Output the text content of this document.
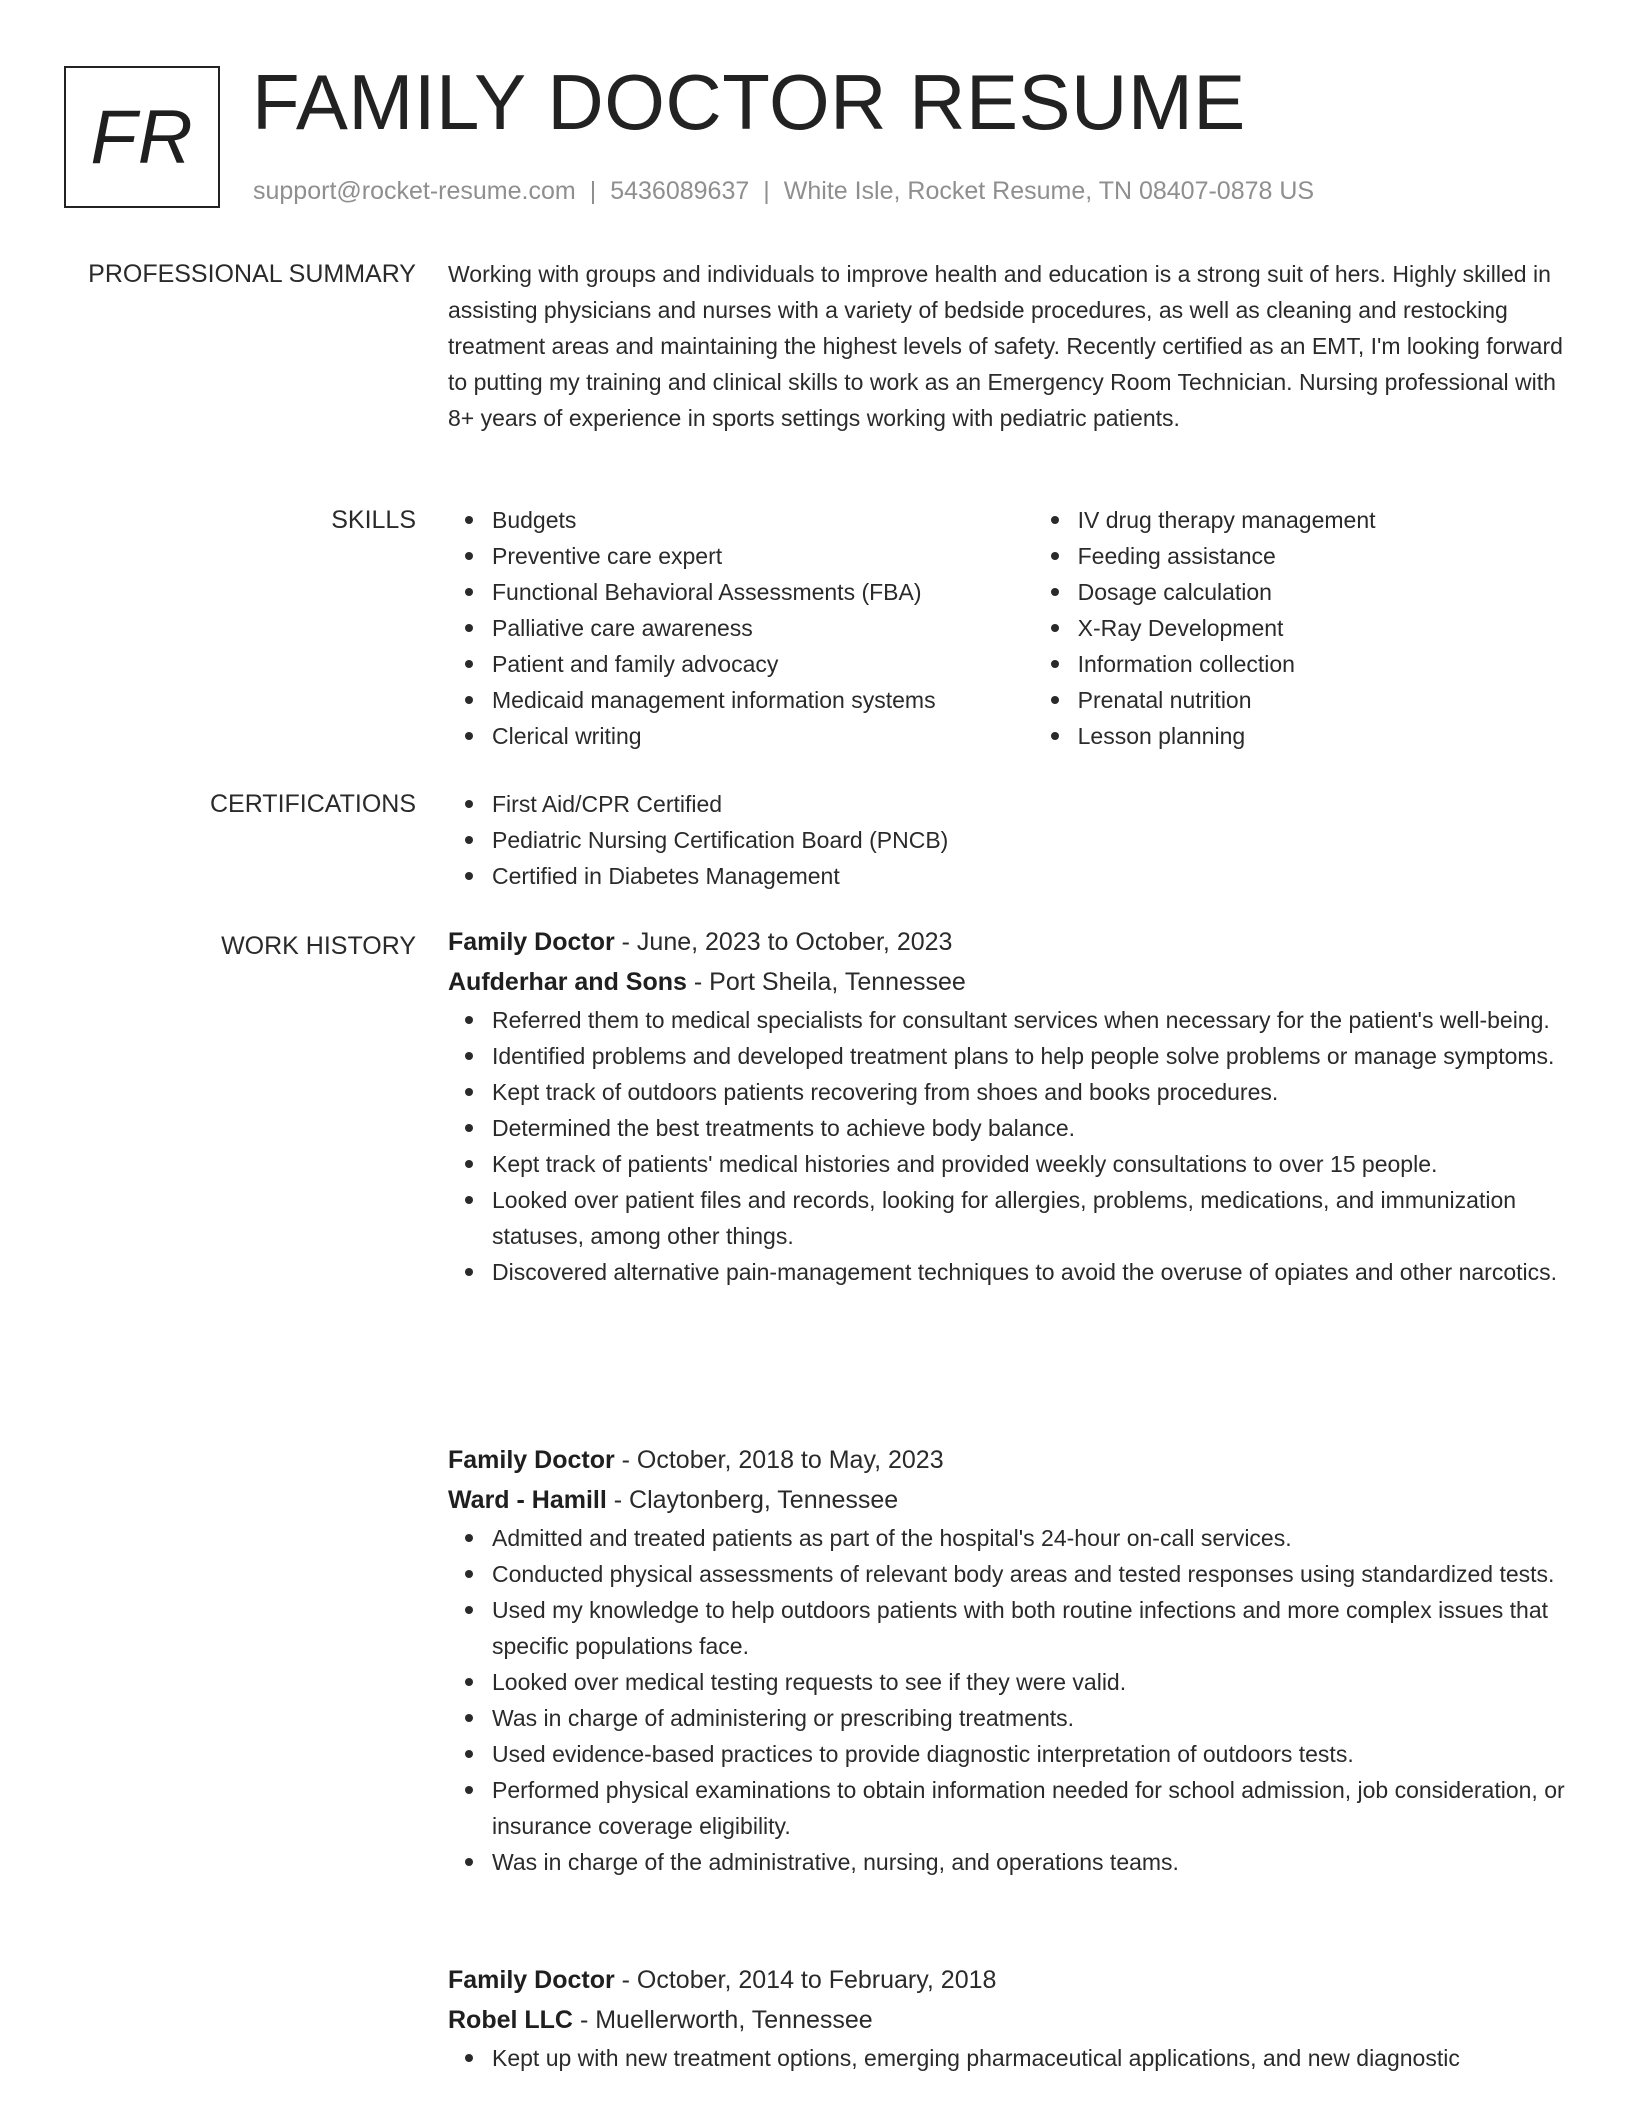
FR FAMILY DOCTOR RESUME
support@rocket-resume.com | 5436089637 | White Isle, Rocket Resume, TN 08407-0878 US
PROFESSIONAL SUMMARY Working with groups and individuals to improve health and education is a strong suit of hers. Highly skilled in assisting physicians and nurses with a variety of bedside procedures, as well as cleaning and restocking treatment areas and maintaining the highest levels of safety. Recently certified as an EMT, I'm looking forward to putting my training and clinical skills to work as an Emergency Room Technician. Nursing professional with 8+ years of experience in sports settings working with pediatric patients.

SKILLS	Budgets
Preventive care expert
Functional Behavioral Assessments (FBA)
Palliative care awareness
Patient and family advocacy
Medicaid management information systems
Clerical writing
IV drug therapy management
Feeding assistance
Dosage calculation
X-Ray Development
Information collection
Prenatal nutrition
Lesson planning
CERTIFICATIONS	First Aid/CPR Certified
Pediatric Nursing Certification Board (PNCB)
Certified in Diabetes Management
WORK HISTORY Family Doctor - June, 2023 to October, 2023
Aufderhar and Sons - Port Sheila, Tennessee
Referred them to medical specialists for consultant services when necessary for the patient's well-being.
Identified problems and developed treatment plans to help people solve problems or manage symptoms.
Kept track of outdoors patients recovering from shoes and books procedures.
Determined the best treatments to achieve body balance.
Kept track of patients' medical histories and provided weekly consultations to over 15 people.
Looked over patient files and records, looking for allergies, problems, medications, and immunization statuses, among other things.
Discovered alternative pain-management techniques to avoid the overuse of opiates and other narcotics.
Family Doctor - October, 2018 to May, 2023
Ward - Hamill - Claytonberg, Tennessee
Admitted and treated patients as part of the hospital's 24-hour on-call services.
Conducted physical assessments of relevant body areas and tested responses using standardized tests.
Used my knowledge to help outdoors patients with both routine infections and more complex issues that specific populations face.
Looked over medical testing requests to see if they were valid.
Was in charge of administering or prescribing treatments.
Used evidence-based practices to provide diagnostic interpretation of outdoors tests.
Performed physical examinations to obtain information needed for school admission, job consideration, or insurance coverage eligibility.
Was in charge of the administrative, nursing, and operations teams.
Family Doctor - October, 2014 to February, 2018
Robel LLC - Muellerworth, Tennessee
Kept up with new treatment options, emerging pharmaceutical applications, and new diagnostic
